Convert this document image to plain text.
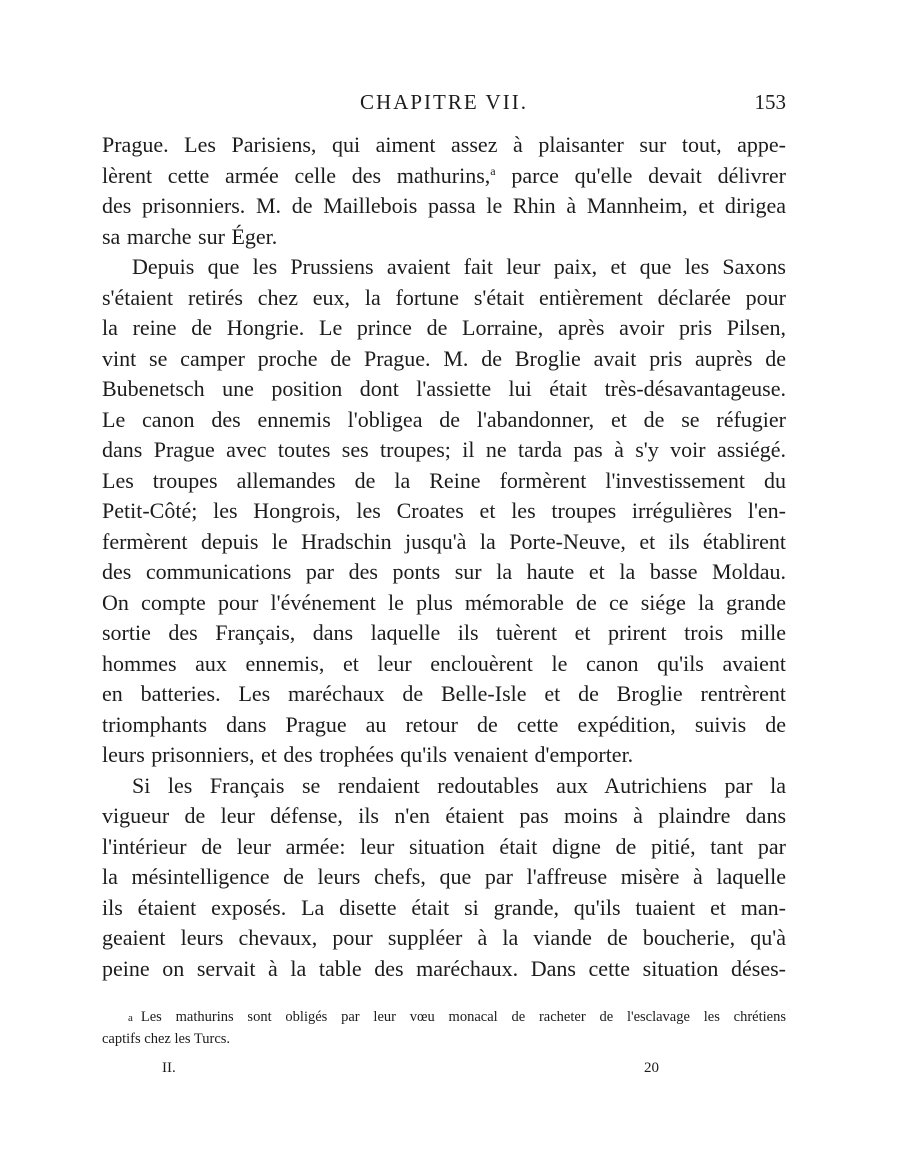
CHAPITRE VII.	153
Prague. Les Parisiens, qui aiment assez à plaisanter sur tout, appe-
lèrent cette armée celle des mathurins,$^a$ parce qu'elle devait délivrer
des prisonniers. M. de Maillebois passa le Rhin à Mannheim, et dirigea
sa marche sur Éger.
Depuis que les Prussiens avaient fait leur paix, et que les Saxons
s'étaient retirés chez eux, la fortune s'était entièrement déclarée pour
la reine de Hongrie. Le prince de Lorraine, après avoir pris Pilsen,
vint se camper proche de Prague. M. de Broglie avait pris auprès de
Bubenetsch une position dont l'assiette lui était très-désavantageuse.
Le canon des ennemis l'obligea de l'abandonner, et de se réfugier
dans Prague avec toutes ses troupes; il ne tarda pas à s'y voir assiégé.
Les troupes allemandes de la Reine formèrent l'investissement du
Petit-Côté; les Hongrois, les Croates et les troupes irrégulières l'en-
fermèrent depuis le Hradschin jusqu'à la Porte-Neuve, et ils établirent
des communications par des ponts sur la haute et la basse Moldau.
On compte pour l'événement le plus mémorable de ce siége la grande
sortie des Français, dans laquelle ils tuèrent et prirent trois mille
hommes aux ennemis, et leur enclouèrent le canon qu'ils avaient
en batteries. Les maréchaux de Belle-Isle et de Broglie rentrèrent
triomphants dans Prague au retour de cette expédition, suivis de
leurs prisonniers, et des trophées qu'ils venaient d'emporter.
Si les Français se rendaient redoutables aux Autrichiens par la
vigueur de leur défense, ils n'en étaient pas moins à plaindre dans
l'intérieur de leur armée: leur situation était digne de pitié, tant par
la mésintelligence de leurs chefs, que par l'affreuse misère à laquelle
ils étaient exposés. La disette était si grande, qu'ils tuaient et man-
geaient leurs chevaux, pour suppléer à la viande de boucherie, qu'à
peine on servait à la table des maréchaux. Dans cette situation déses-
a Les mathurins sont obligés par leur vœu monacal de racheter de l'esclavage les chrétiens
captifs chez les Turcs.
II.	20
